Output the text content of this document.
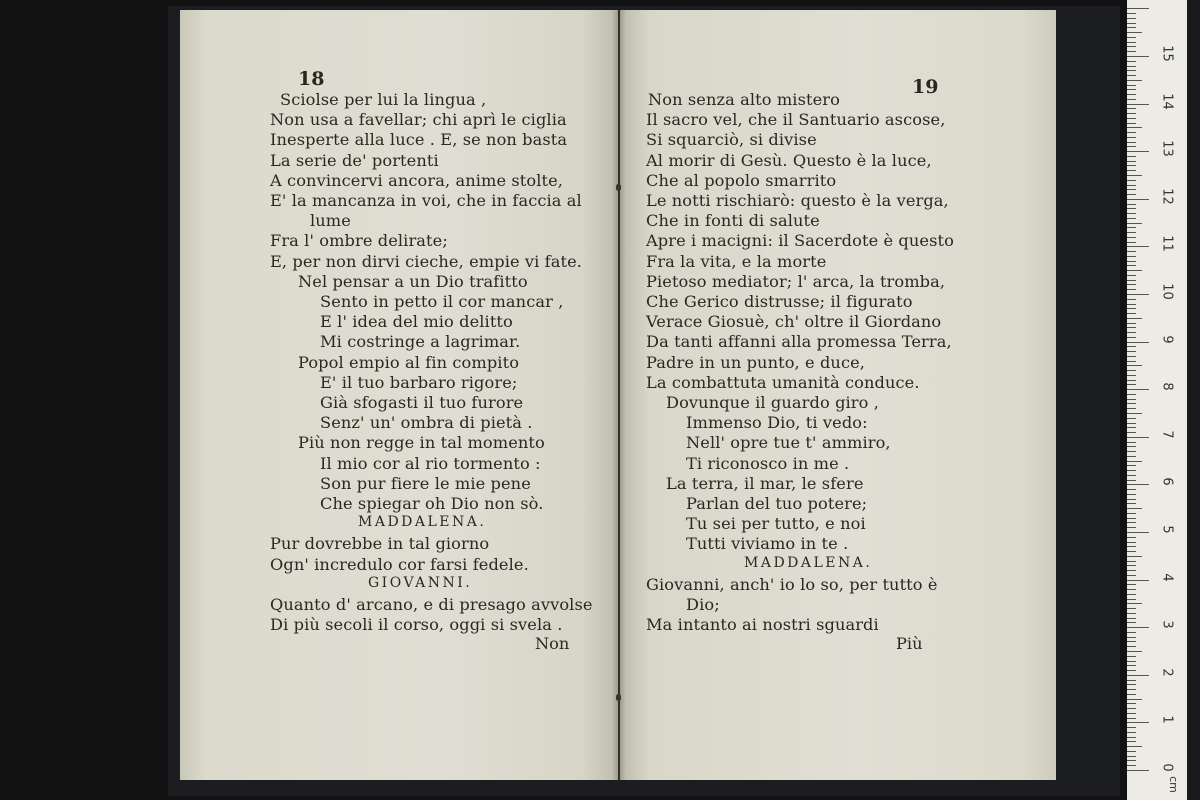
18
Sciolse per lui la lingua ,
Non usa a favellar; chi aprì le ciglia
Inesperte alla luce . E, se non basta
La serie de' portenti
A convincervi ancora, anime stolte,
E' la mancanza in voi, che in faccia al
lume
Fra l' ombre delirate;
E, per non dirvi cieche, empie vi fate.
Nel pensar a un Dio trafitto
Sento in petto il cor mancar ,
E l' idea del mio delitto
Mi costringe a lagrimar.
Popol empio al fin compito
E' il tuo barbaro rigore;
Già sfogasti il tuo furore
Senz' un' ombra di pietà .
Più non regge in tal momento
Il mio cor al rio tormento :
Son pur fiere le mie pene
Che spiegar oh Dio non sò.
MADDALENA.
Pur dovrebbe in tal giorno
Ogn' incredulo cor farsi fedele.
GIOVANNI.
Quanto d' arcano, e di presago avvolse
Di più secoli il corso, oggi si svela .
Non
19
Non senza alto mistero
Il sacro vel, che il Santuario ascose,
Si squarciò, si divise
Al morir di Gesù. Questo è la luce,
Che al popolo smarrito
Le notti rischiarò: questo è la verga,
Che in fonti di salute
Apre i macigni: il Sacerdote è questo
Fra la vita, e la morte
Pietoso mediator; l' arca, la tromba,
Che Gerico distrusse; il figurato
Verace Giosuè, ch' oltre il Giordano
Da tanti affanni alla promessa Terra,
Padre in un punto, e duce,
La combattuta umanità conduce.
Dovunque il guardo giro ,
Immenso Dio, ti vedo:
Nell' opre tue t' ammiro,
Ti riconosco in me .
La terra, il mar, le sfere
Parlan del tuo potere;
Tu sei per tutto, e noi
Tutti viviamo in te .
MADDALENA.
Giovanni, anch' io lo so, per tutto è
Dio;
Ma intanto ai nostri sguardi
Più
0
1
2
3
4
5
6
7
8
9
10
11
12
13
14
15
cm
